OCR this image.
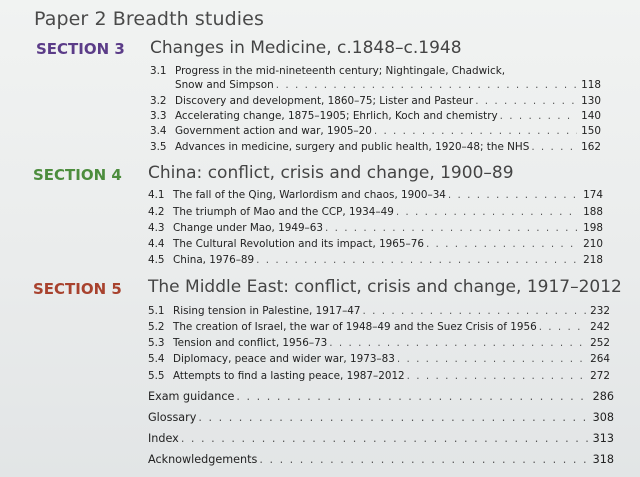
Paper 2 Breadth studies
SECTION 3 Changes in Medicine, c.1848–c.1948
3.1 Progress in the mid-nineteenth century; Nightingale, Chadwick,
Snow and Simpson . . .	118
3.2 Discovery and development, 1860–75; Lister and Pasteur . . .	130
3.3 Accelerating change, 1875–1905; Ehrlich, Koch and chemistry . . .	140
3.4 Government action and war, 1905–20 . . .	150
3.5 Advances in medicine, surgery and public health, 1920–48; the NHS . . .	162
SECTION 4 China: conflict, crisis and change, 1900–89
4.1 The fall of the Qing, Warlordism and chaos, 1900–34 . . .	174
4.2 The triumph of Mao and the CCP, 1934–49 . . .	188
4.3 Change under Mao, 1949–63 . . .	198
4.4 The Cultural Revolution and its impact, 1965–76 . . .	210
4.5 China, 1976–89 . . .	218
SECTION 5 The Middle East: conflict, crisis and change, 1917–2012
5.1 Rising tension in Palestine, 1917–47 . . .	232
5.2 The creation of Israel, the war of 1948–49 and the Suez Crisis of 1956 . . .	242
5.3 Tension and conflict, 1956–73 . . .	252
5.4 Diplomacy, peace and wider war, 1973–83 . . .	264
5.5 Attempts to find a lasting peace, 1987–2012 . . .	272
Exam guidance . . .	286
Glossary . . .	308
Index . . .	313
Acknowledgements . . .	318
